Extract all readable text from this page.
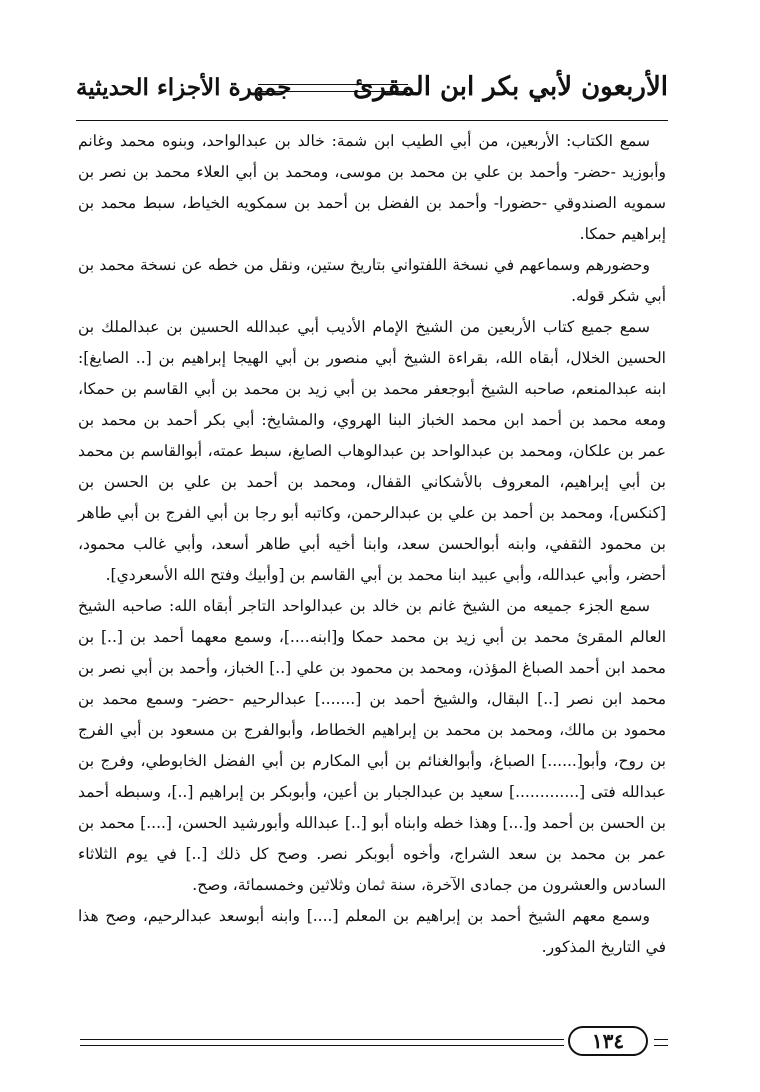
الأربعون لأبي بكر ابن المقرئ
جمهرة الأجزاء الحديثية

سمع الكتاب: الأربعين، من أبي الطيب ابن شمة: خالد بن عبدالواحد، وبنوه محمد وغانم وأبوزيد -حضر- وأحمد بن علي بن محمد بن موسى، ومحمد بن أبي العلاء محمد بن نصر بن سمويه الصندوقي -حضورا- وأحمد بن الفضل بن أحمد بن سمكويه الخياط، سبط محمد بن إبراهيم حمكا.

وحضورهم وسماعهم في نسخة اللفتواني بتاريخ ستين، ونقل من خطه عن نسخة محمد بن أبي شكر قوله.

سمع جميع كتاب الأربعين من الشيخ الإمام الأديب أبي عبدالله الحسين بن عبدالملك بن الحسين الخلال، أبقاه الله، بقراءة الشيخ أبي منصور بن أبي الهيجا إبراهيم بن [.. الصايغ]: ابنه عبدالمنعم، صاحبه الشيخ أبوجعفر محمد بن أبي زيد بن محمد بن أبي القاسم بن حمكا، ومعه محمد بن أحمد ابن محمد الخباز البنا الهروي، والمشايخ: أبي بكر أحمد بن محمد بن عمر بن علكان، ومحمد بن عبدالواحد بن عبدالوهاب الصايغ، سبط عمته، أبوالقاسم بن محمد بن أبي إبراهيم، المعروف بالأشكاني القفال، ومحمد بن أحمد بن علي بن الحسن بن [كنكس]، ومحمد بن أحمد بن علي بن عبدالرحمن، وكاتبه أبو رجا بن أبي الفرج بن أبي طاهر بن محمود الثقفي، وابنه أبوالحسن سعد، وابنا أخيه أبي طاهر أسعد، وأبي غالب محمود، أحضر، وأبي عبدالله، وأبي عبيد ابنا محمد بن أبي القاسم بن [وأبيك وفتح الله الأسعردي].

سمع الجزء جميعه من الشيخ غانم بن خالد بن عبدالواحد التاجر أبقاه الله: صاحبه الشيخ العالم المقرئ محمد بن أبي زيد بن محمد حمكا و[ابنه....]، وسمع معهما أحمد بن [..] بن محمد ابن أحمد الصباغ المؤذن، ومحمد بن محمود بن علي [..] الخباز، وأحمد بن أبي نصر بن محمد ابن نصر [..] البقال، والشيخ أحمد بن [.......] عبدالرحيم -حضر- وسمع محمد بن محمود بن مالك، ومحمد بن محمد بن إبراهيم الخطاط، وأبوالفرج بن مسعود بن أبي الفرج بن روح، وأبو[......] الصباغ، وأبوالغنائم بن أبي المكارم بن أبي الفضل الخابوطي، وفرج بن عبدالله فتى [.............] سعيد بن عبدالجبار بن أعين، وأبوبكر بن إبراهيم [..]، وسبطه أحمد بن الحسن بن أحمد و[...] وهذا خطه وابناه أبو [..] عبدالله وأبورشيد الحسن، [....] محمد بن عمر بن محمد بن سعد الشراج، وأخوه أبوبكر نصر. وصح كل ذلك [..] في يوم الثلاثاء السادس والعشرون من جمادى الآخرة، سنة ثمان وثلاثين وخمسمائة، وصح.

وسمع معهم الشيخ أحمد بن إبراهيم بن المعلم [....] وابنه أبوسعد عبدالرحيم، وصح هذا في التاريخ المذكور.

١٣٤
